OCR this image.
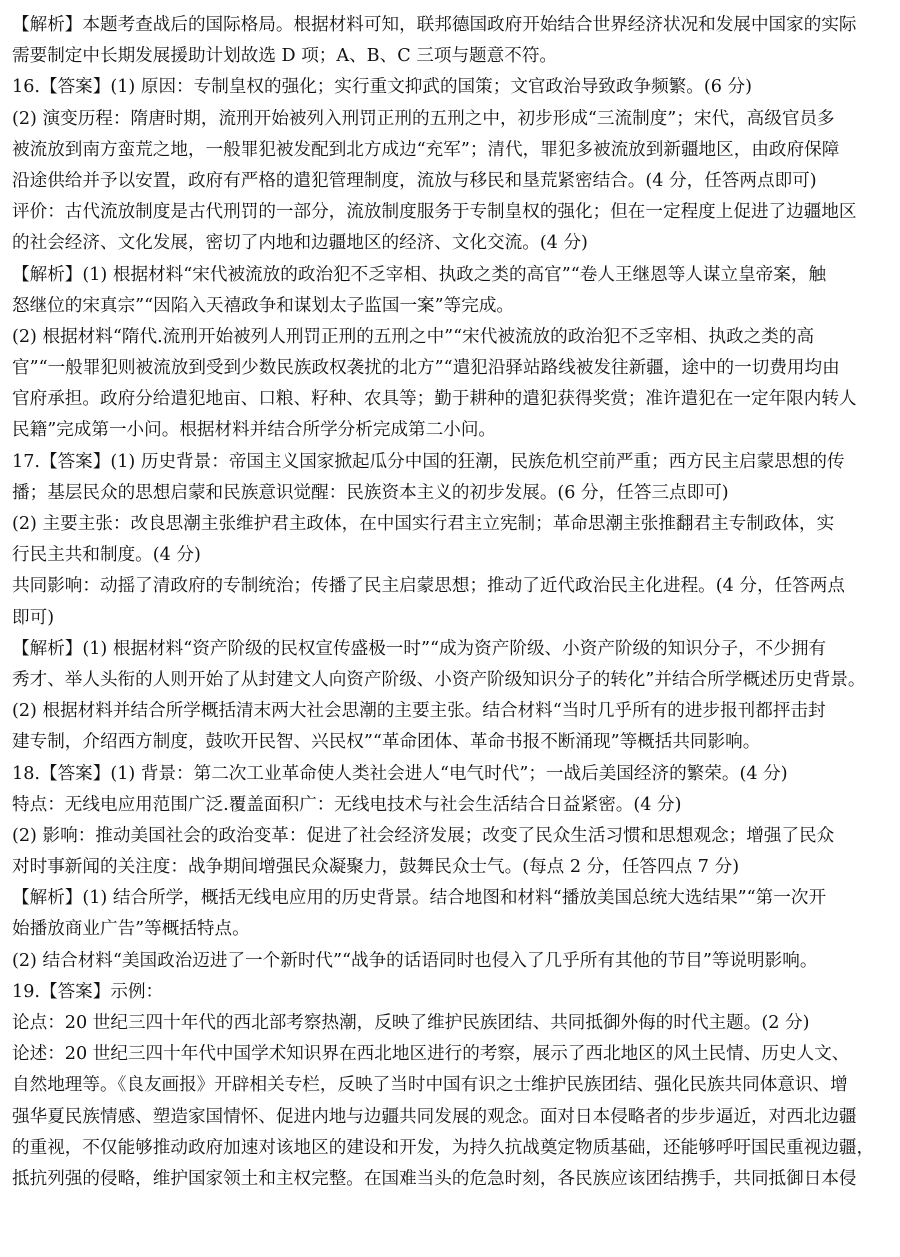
【解析】本题考查战后的国际格局。根据材料可知，联邦德国政府开始结合世界经济状况和发展中国家的实际
需要制定中长期发展援助计划故选 D 项；A、B、C 三项与题意不符。
16.【答案】(1) 原因：专制皇权的强化；实行重文抑武的国策；文官政治导致政争频繁。(6 分)
(2) 演变历程：隋唐时期，流刑开始被列入刑罚正刑的五刑之中，初步形成“三流制度”；宋代，高级官员多
被流放到南方蛮荒之地，一般罪犯被发配到北方成边“充军”；清代，罪犯多被流放到新疆地区，由政府保障
沿途供给并予以安置，政府有严格的遣犯管理制度，流放与移民和垦荒紧密结合。(4 分，任答两点即可)
评价：古代流放制度是古代刑罚的一部分，流放制度服务于专制皇权的强化；但在一定程度上促进了边疆地区
的社会经济、文化发展，密切了内地和边疆地区的经济、文化交流。(4 分)
【解析】(1) 根据材料“宋代被流放的政治犯不乏宰相、执政之类的高官”“卷人王继恩等人谋立皇帝案，触
怒继位的宋真宗”“因陷入天禧政争和谋划太子监国一案”等完成。
(2) 根据材料“隋代.流刑开始被列人刑罚正刑的五刑之中”“宋代被流放的政治犯不乏宰相、执政之类的高
官”“一般罪犯则被流放到受到少数民族政权袭扰的北方”“遣犯沿驿站路线被发往新疆，途中的一切费用均由
官府承担。政府分给遣犯地亩、口粮、籽种、农具等；勤于耕种的遣犯获得奖赏；准许遣犯在一定年限内转人
民籍”完成第一小问。根据材料并结合所学分析完成第二小问。
17.【答案】(1) 历史背景：帝国主义国家掀起瓜分中国的狂潮，民族危机空前严重；西方民主启蒙思想的传
播；基层民众的思想启蒙和民族意识觉醒：民族资本主义的初步发展。(6 分，任答三点即可)
(2) 主要主张：改良思潮主张维护君主政体，在中国实行君主立宪制；革命思潮主张推翻君主专制政体，实
行民主共和制度。(4 分)
共同影响：动摇了清政府的专制统治；传播了民主启蒙思想；推动了近代政治民主化进程。(4 分，任答两点
即可)
【解析】(1) 根据材料“资产阶级的民权宣传盛极一时”“成为资产阶级、小资产阶级的知识分子，不少拥有
秀才、举人头衔的人则开始了从封建文人向资产阶级、小资产阶级知识分子的转化”并结合所学概述历史背景。
(2) 根据材料并结合所学概括清末两大社会思潮的主要主张。结合材料“当时几乎所有的进步报刊都抨击封
建专制，介绍西方制度，鼓吹开民智、兴民权”“革命团体、革命书报不断涌现”等概括共同影响。
18.【答案】(1) 背景：第二次工业革命使人类社会进人“电气时代”；一战后美国经济的繁荣。(4 分)
特点：无线电应用范围广泛.覆盖面积广：无线电技术与社会生活结合日益紧密。(4 分)
(2) 影响：推动美国社会的政治变革：促进了社会经济发展；改变了民众生活习惯和思想观念；增强了民众
对时事新闻的关注度：战争期间增强民众凝聚力，鼓舞民众士气。(每点 2 分，任答四点 7 分)
【解析】(1) 结合所学，概括无线电应用的历史背景。结合地图和材料“播放美国总统大选结果”“第一次开
始播放商业广告”等概括特点。
(2) 结合材料“美国政治迈进了一个新时代”“战争的话语同时也侵入了几乎所有其他的节目”等说明影响。
19.【答案】示例：
论点：20 世纪三四十年代的西北部考察热潮，反映了维护民族团结、共同抵御外侮的时代主题。(2 分)
论述：20 世纪三四十年代中国学术知识界在西北地区进行的考察，展示了西北地区的风土民情、历史人文、
自然地理等。《良友画报》开辟相关专栏，反映了当时中国有识之士维护民族团结、强化民族共同体意识、增
强华夏民族情感、塑造家国情怀、促进内地与边疆共同发展的观念。面对日本侵略者的步步逼近，对西北边疆
的重视，不仅能够推动政府加速对该地区的建设和开发，为持久抗战奠定物质基础，还能够呼吁国民重视边疆，
抵抗列强的侵略，维护国家领土和主权完整。在国难当头的危急时刻，各民族应该团结携手，共同抵御日本侵
